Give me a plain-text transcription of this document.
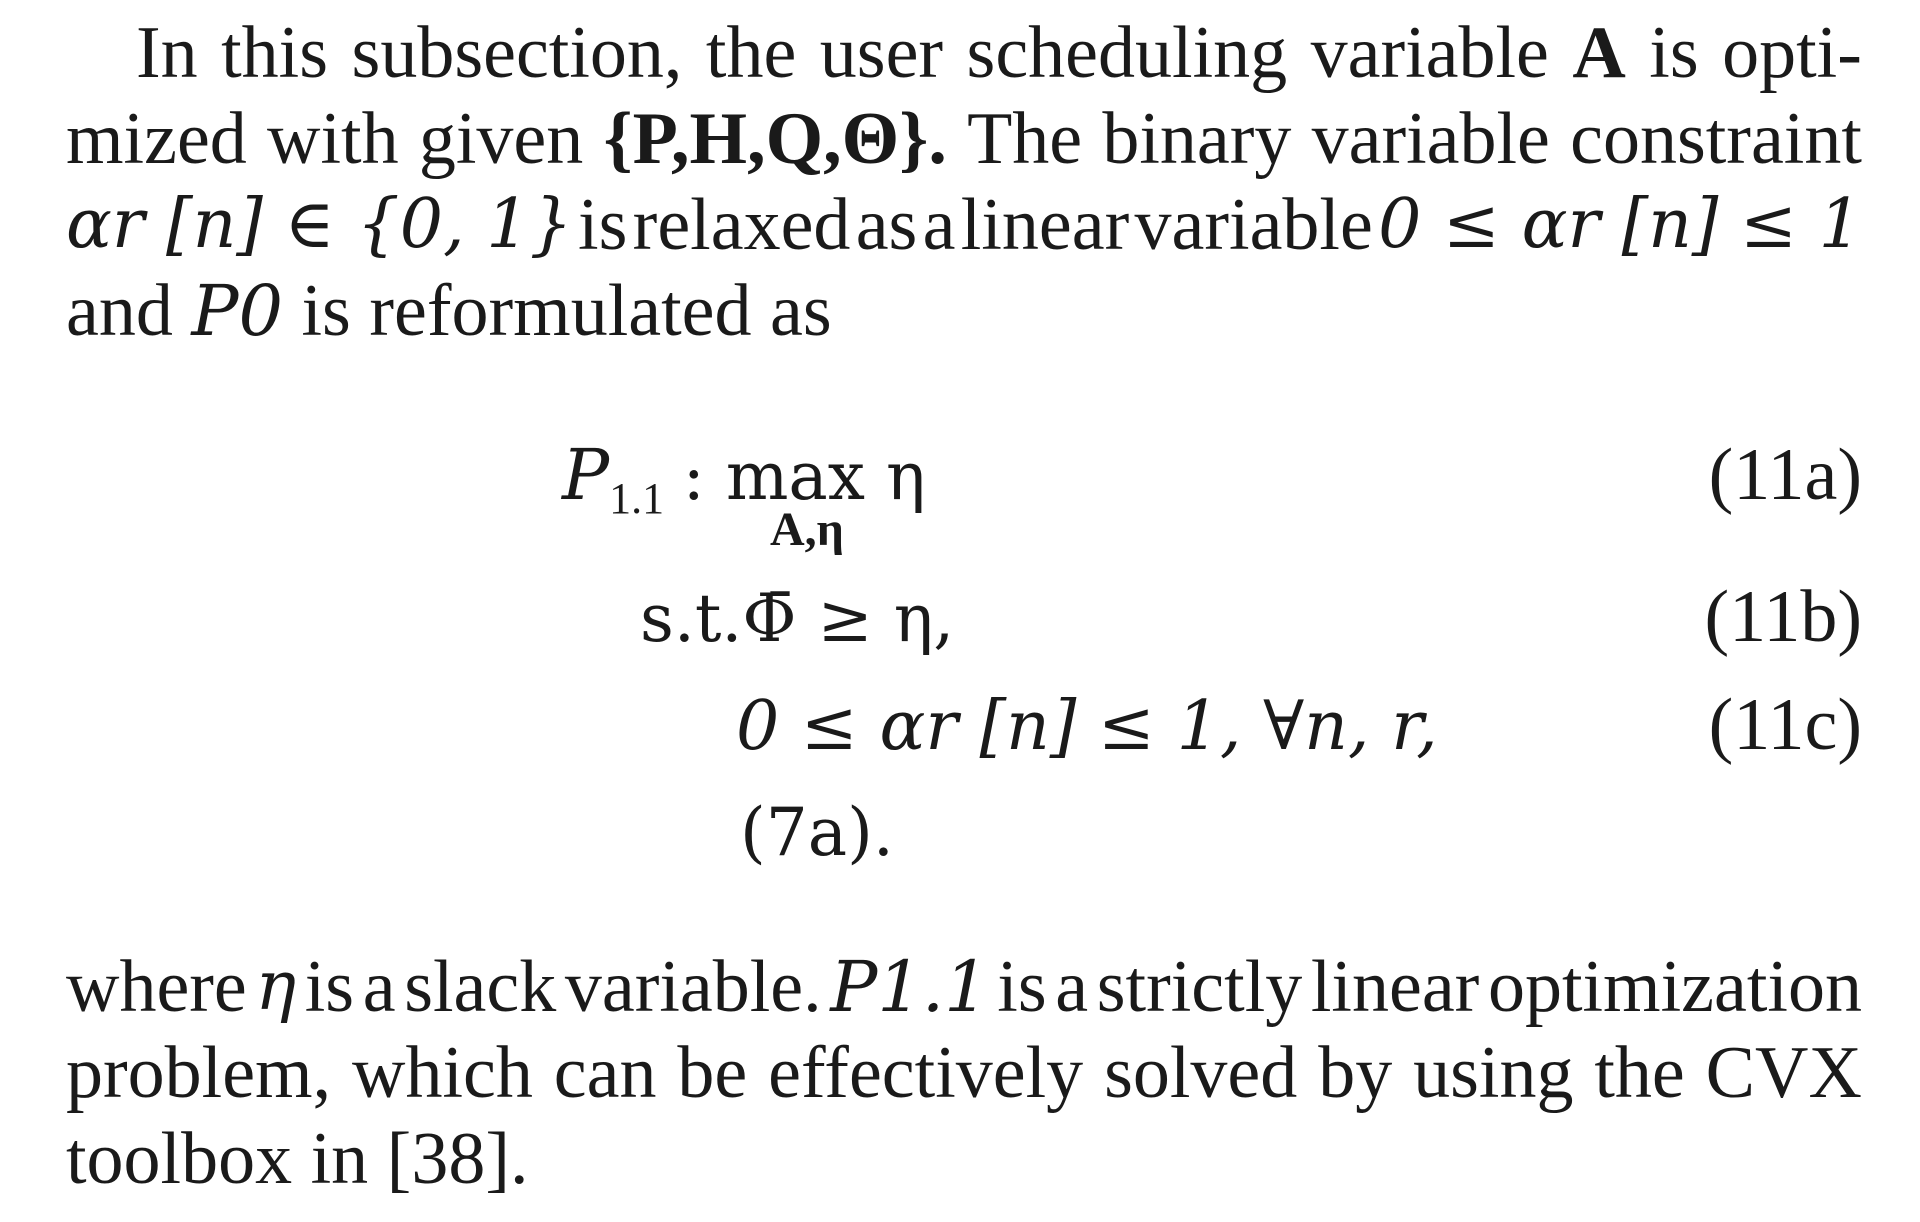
In this subsection, the user scheduling variable A is opti-
mized with given {P,H,Q,Θ}. The binary variable constraint
αr [n] ∈ {0, 1} is relaxed as a linear variable 0 ≤ αr [n] ≤ 1
and P0 is reformulated as
$P_{1.1}$ : max η
A,η
(11a)
s.t.Φ̄ ≥ η,	(11b)
0 ≤ αr [n] ≤ 1, ∀n, r,	(11c)
(7a).
where η is a slack variable. P1.1 is a strictly linear optimization
problem, which can be effectively solved by using the CVX
toolbox in [38].
